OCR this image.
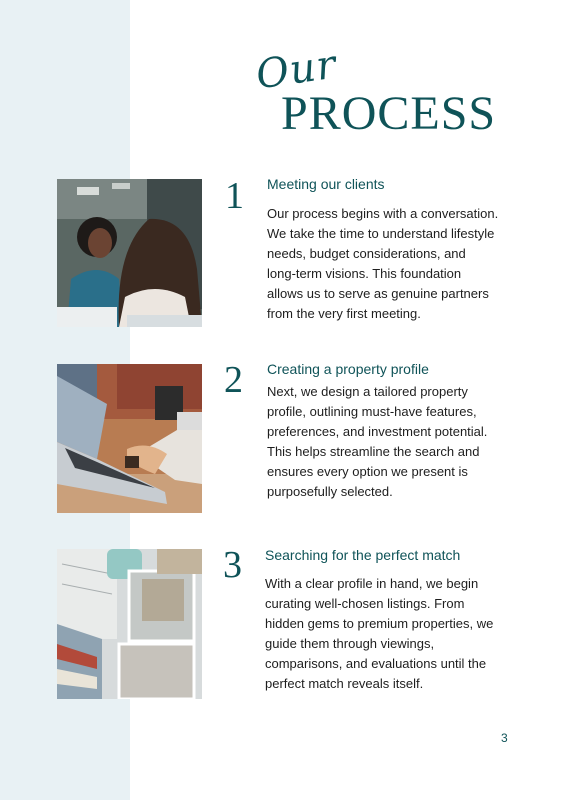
Our
PROCESS
1 Meeting our clients
Our process begins with a conversation.
We take the time to understand lifestyle
needs, budget considerations, and
long-term visions. This foundation
allows us to serve as genuine partners
from the very first meeting.
2 Creating a property profile
Next, we design a tailored property
profile, outlining must-have features,
preferences, and investment potential.
This helps streamline the search and
ensures every option we present is
purposefully selected.
3 Searching for the perfect match
With a clear profile in hand, we begin
curating well-chosen listings. From
hidden gems to premium properties, we
guide them through viewings,
comparisons, and evaluations until the
perfect match reveals itself.
3
